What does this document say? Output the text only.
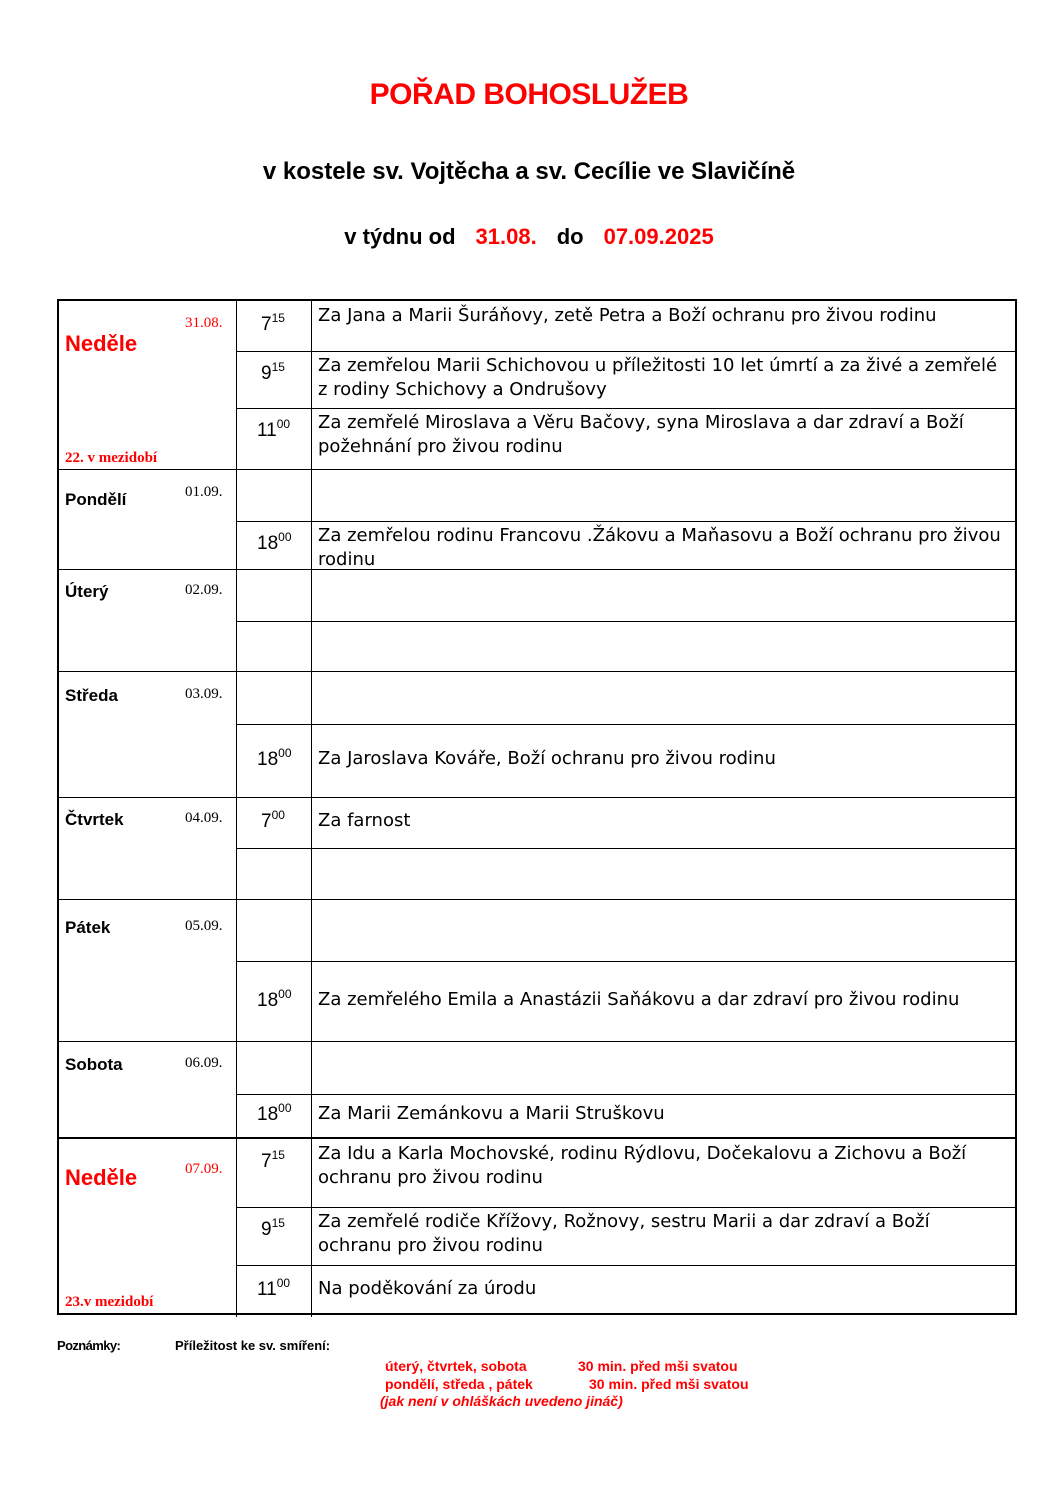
POŘAD BOHOSLUŽEB
v kostele sv. Vojtěcha a sv. Cecílie ve Slavičíně
v týdnu od 31.08. do 07.09.2025
Neděle
31.08.
22. v mezidobí
$7^{15}$ Za Jana a Marii Šuráňovy, zetě Petra a Boží ochranu pro živou rodinu
$9^{15}$ Za zemřelou Marii Schichovou u příležitosti 10 let úmrtí a za živé a zemřelé z rodiny Schichovy a Ondrušovy
$11^{00}$ Za zemřelé Miroslava a Věru Bačovy, syna Miroslava a dar zdraví a Boží požehnání pro živou rodinu
Pondělí	01.09.
$18^{00}$ Za zemřelou rodinu Francovu .Žákovu a Maňasovu a Boží ochranu pro živou rodinu
Úterý	02.09.
Středa	03.09.
$18^{00}$ Za Jaroslava Kováře, Boží ochranu pro živou rodinu
Čtvrtek	04.09. $7^{00}$ Za farnost
Pátek	05.09.
$18^{00}$ Za zemřelého Emila a Anastázii Saňákovu a dar zdraví pro živou rodinu
Sobota	06.09.
$18^{00}$ Za Marii Zemánkovu a Marii Struškovu
Neděle	07.09.
23.v mezidobí
$7^{15}$ Za Idu a Karla Mochovské, rodinu Rýdlovu, Dočekalovu a Zichovu a Boží ochranu pro živou rodinu
$9^{15}$ Za zemřelé rodiče Křížovy, Rožnovy, sestru Marii a dar zdraví a Boží ochranu pro živou rodinu
$11^{00}$ Na poděkování za úrodu
Poznámky:	Příležitost ke sv. smíření:
úterý, čtvrtek, sobota	30 min. před mši svatou
pondělí, středa , pátek	30 min. před mši svatou
(jak není v ohláškách uvedeno jináč)
